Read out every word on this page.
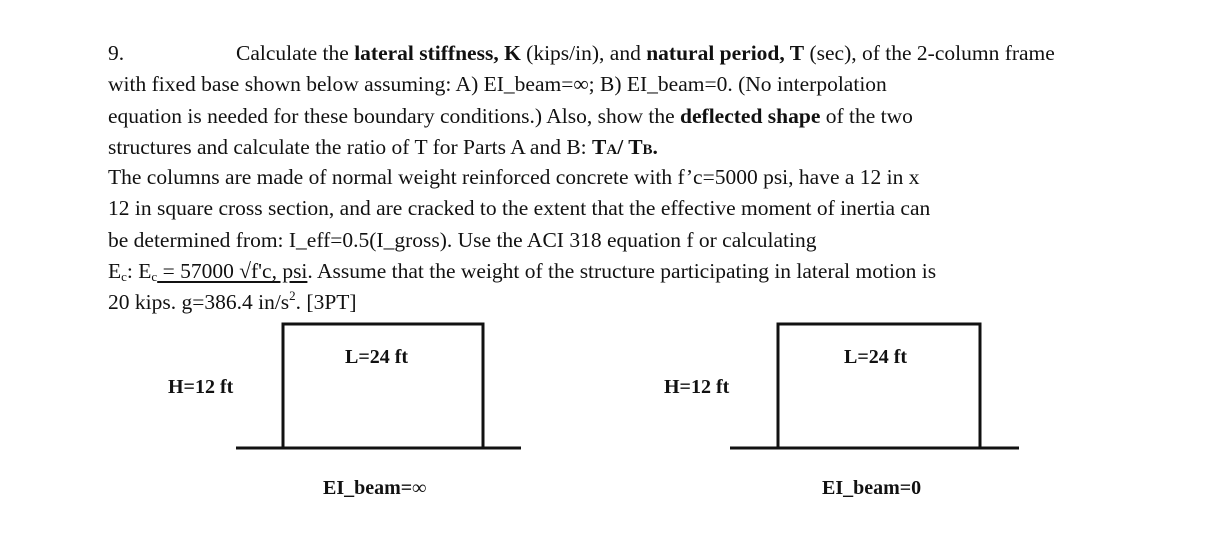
9.	Calculate the lateral stiffness, K (kips/in), and natural period, T (sec), of the 2-column frame
with fixed base shown below assuming: A) EI_beam=∞; B) EI_beam=0. (No interpolation
equation is needed for these boundary conditions.) Also, show the deflected shape of the two
structures and calculate the ratio of T for Parts A and B: TA/ TB.
The columns are made of normal weight reinforced concrete with f’c=5000 psi, have a 12 in x
12 in square cross section, and are cracked to the extent that the effective moment of inertia can
be determined from: I_eff=0.5(I_gross). Use the ACI 318 equation f or calculating
$E_c$: $E_c = 57000$ √f'c, psi. Assume that the weight of the structure participating in lateral motion is
20 kips. g=386.4 $in/s^2$. [3PT]
H=12 ft
L=24 ft
EI_beam=∞
H=12 ft
L=24 ft
EI_beam=0
